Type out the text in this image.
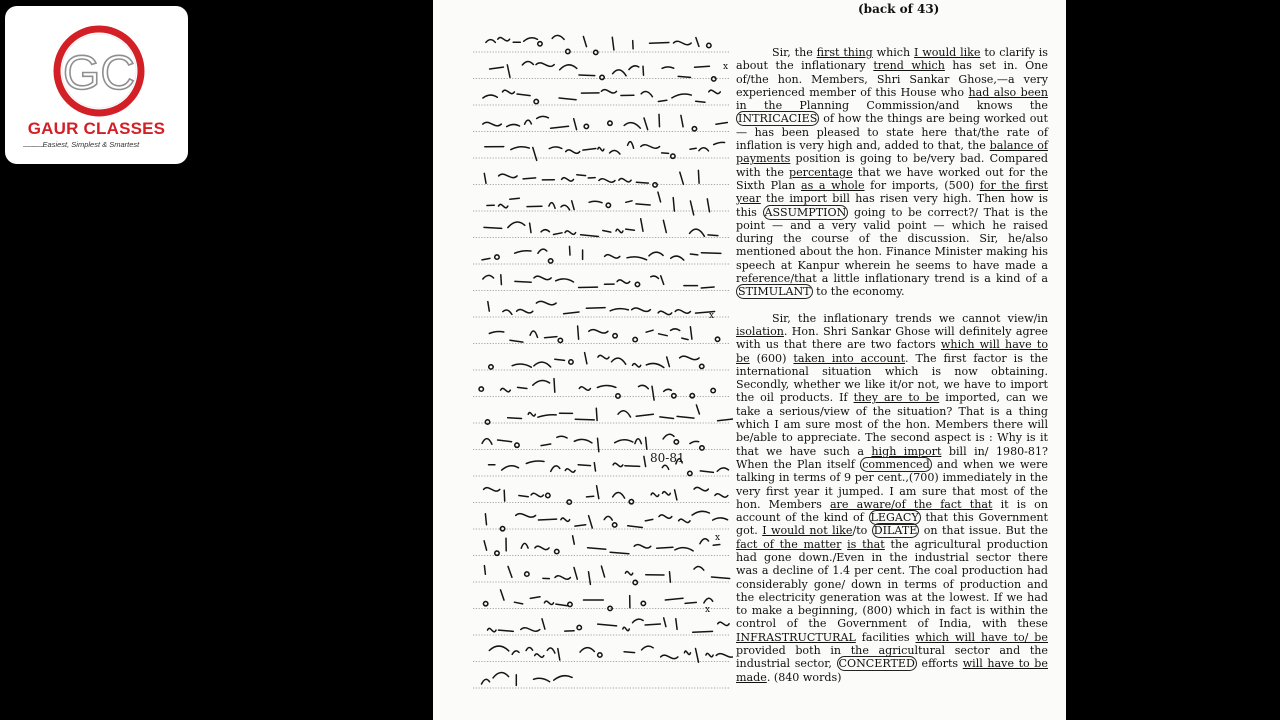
GC
GAUR CLASSES
..................Easiest, Simplest & Smartest
(back of 43)
80-81
x
x
x
x

Sir, the first thing which I would like to clarify is about the inflationary trend which has set in. One of/the hon. Members, Shri Sankar Ghose,—a very experienced member of this House who had also been in the Planning Commission/and knows the INTRICACIES of how the things are being worked out — has been pleased to state here that/the rate of inflation is very high and, added to that, the balance of payments position is going to be/very bad. Compared with the percentage that we have worked out for the Sixth Plan as a whole for imports, (500) for the first year the import bill has risen very high. Then how is this ASSUMPTION going to be correct?/ That is the point — and a very valid point — which he raised during the course of the discussion. Sir, he/also mentioned about the hon. Finance Minister making his speech at Kanpur wherein he seems to have made a reference/that a little inflationary trend is a kind of a STIMULANT to the economy.

Sir, the inflationary trends we cannot view/in isolation. Hon. Shri Sankar Ghose will definitely agree with us that there are two factors which will have to be (600) taken into account. The first factor is the international situation which is now obtaining. Secondly, whether we like it/or not, we have to import the oil products. If they are to be imported, can we take a serious/view of the situation? That is a thing which I am sure most of the hon. Members there will be/able to appreciate. The second aspect is : Why is it that we have such a high import bill in/ 1980-81? When the Plan itself commenced and when we were talking in terms of 9 per cent.,(700) immediately in the very first year it jumped. I am sure that most of the hon. Members are aware/of the fact that it is on account of the kind of LEGACY that this Government got. I would not like/to DILATE on that issue. But the fact of the matter is that the agricultural production had gone down./Even in the industrial sector there was a decline of 1.4 per cent. The coal production had considerably gone/ down in terms of production and the electricity generation was at the lowest. If we had to make a beginning, (800) which in fact is within the control of the Government of India, with these INFRASTRUCTURAL facilities which will have to/ be provided both in the agricultural sector and the industrial sector, CONCERTED efforts will have to be made. (840 words)
